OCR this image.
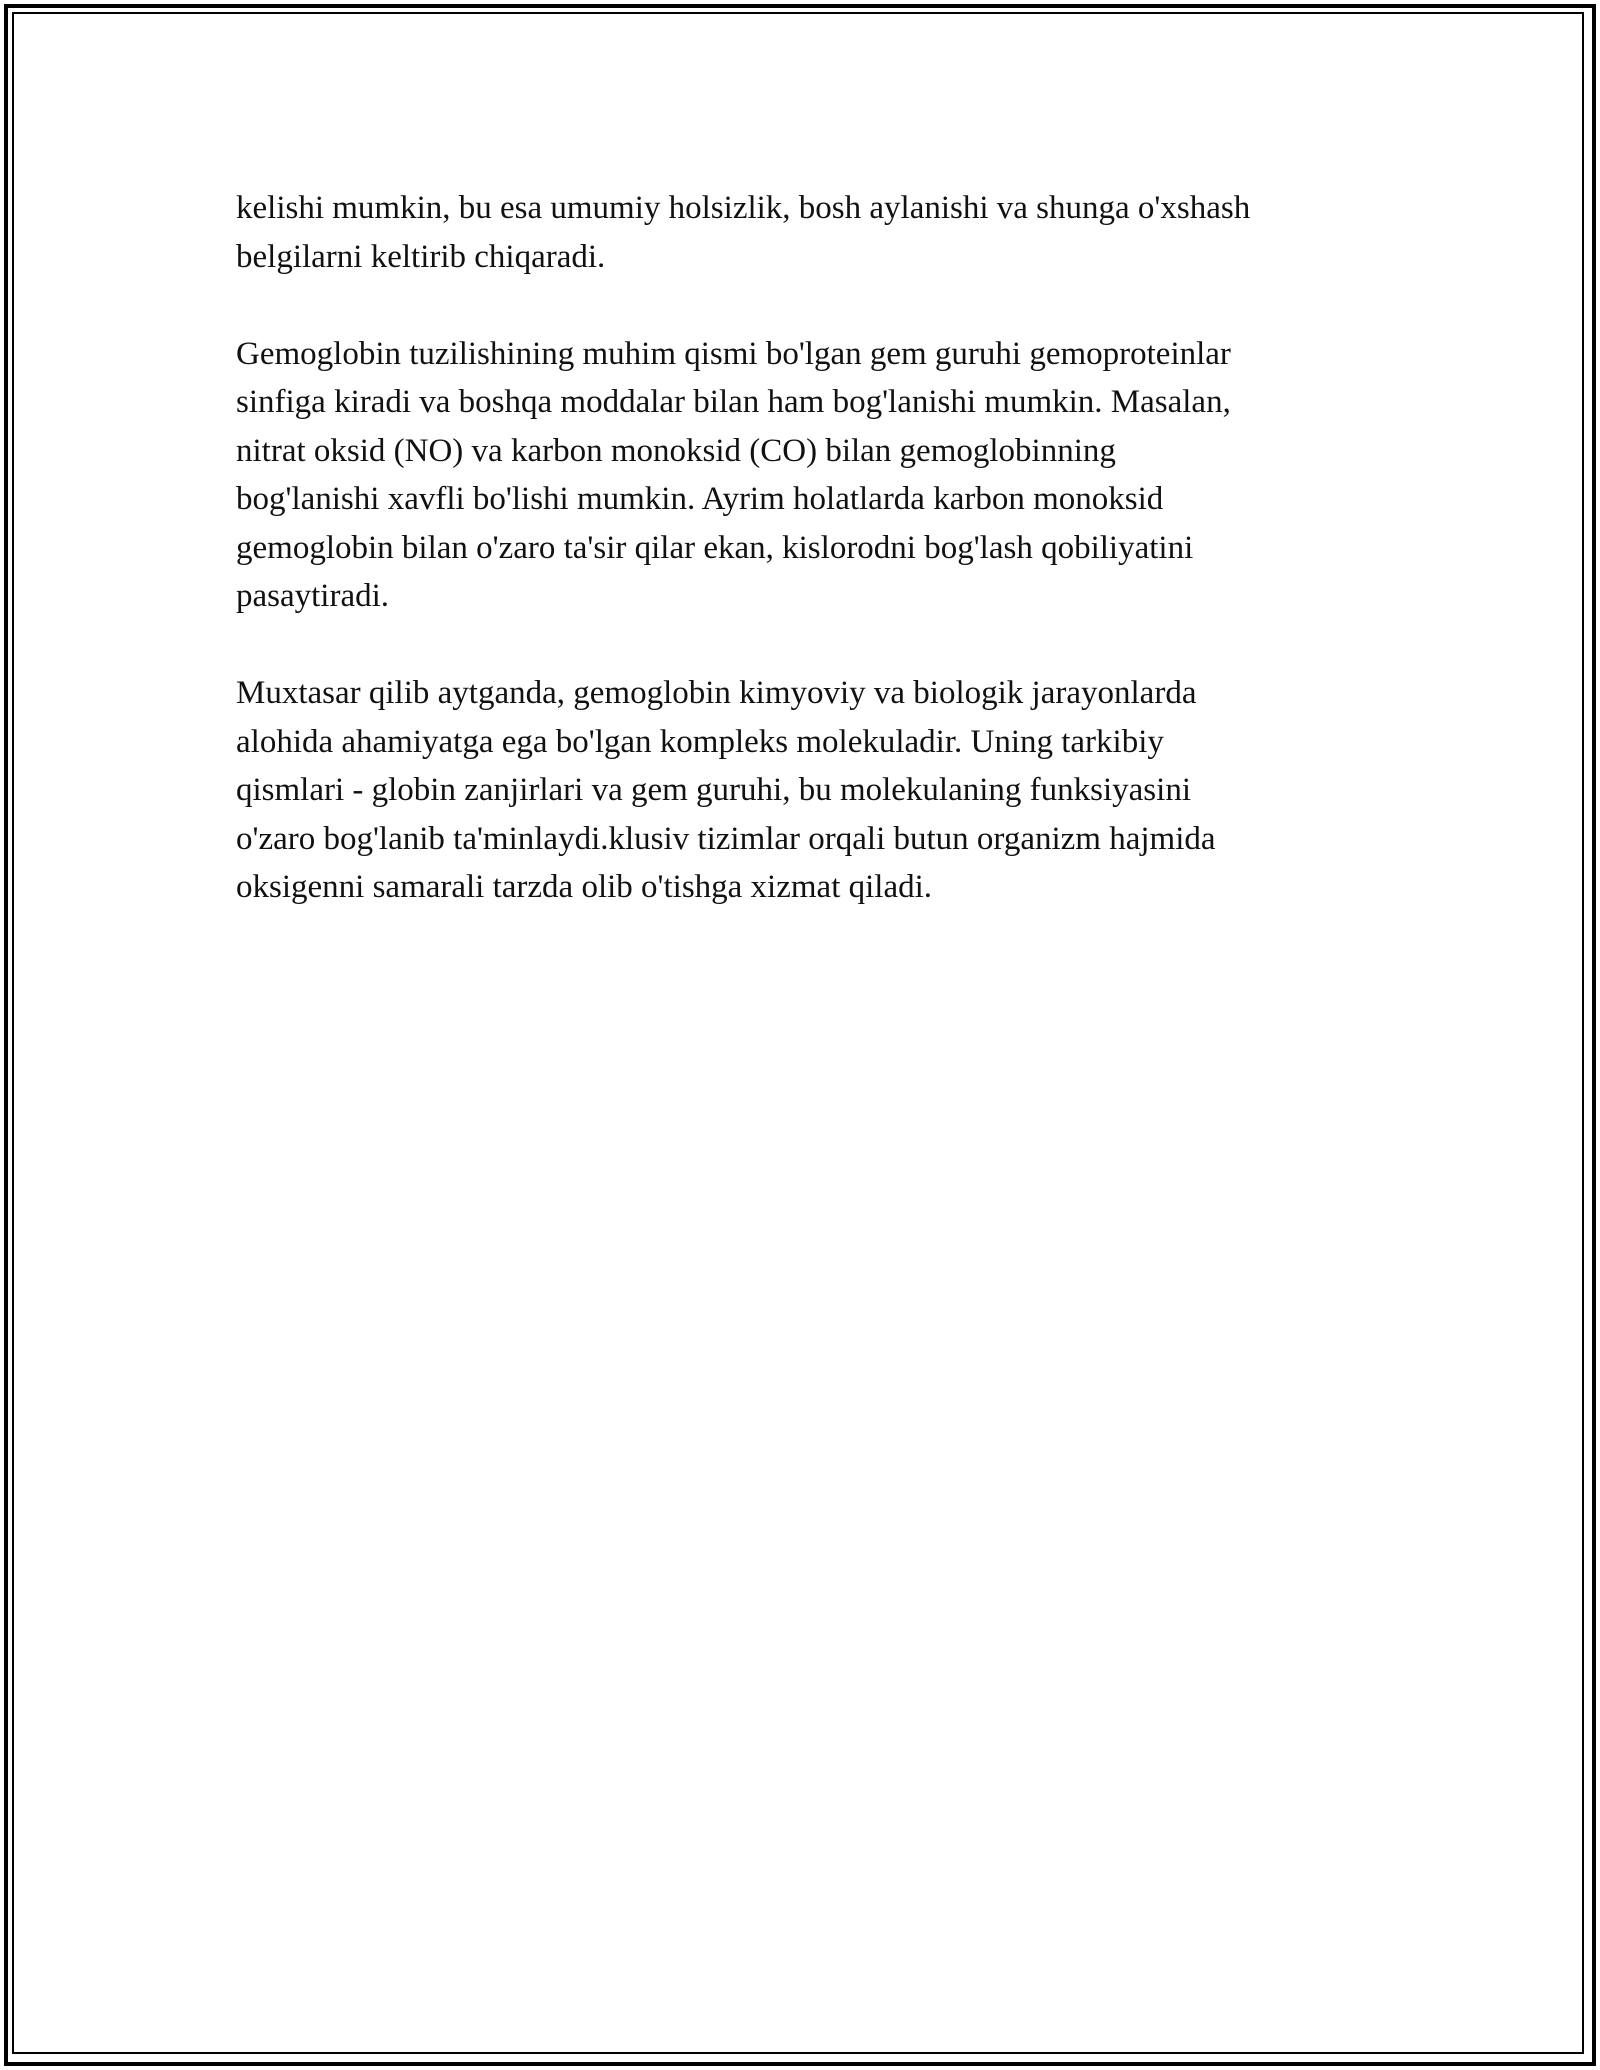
kelishi mumkin, bu esa umumiy holsizlik, bosh aylanishi va shunga o'xshash
belgilarni keltirib chiqaradi.

Gemoglobin tuzilishining muhim qismi bo'lgan gem guruhi gemoproteinlar
sinfiga kiradi va boshqa moddalar bilan ham bog'lanishi mumkin. Masalan,
nitrat oksid (NO) va karbon monoksid (CO) bilan gemoglobinning
bog'lanishi xavfli bo'lishi mumkin. Ayrim holatlarda karbon monoksid
gemoglobin bilan o'zaro ta'sir qilar ekan, kislorodni bog'lash qobiliyatini
pasaytiradi.

Muxtasar qilib aytganda, gemoglobin kimyoviy va biologik jarayonlarda
alohida ahamiyatga ega bo'lgan kompleks molekuladir. Uning tarkibiy
qismlari - globin zanjirlari va gem guruhi, bu molekulaning funksiyasini
o'zaro bog'lanib ta'minlaydi.klusiv tizimlar orqali butun organizm hajmida
oksigenni samarali tarzda olib o'tishga xizmat qiladi.
